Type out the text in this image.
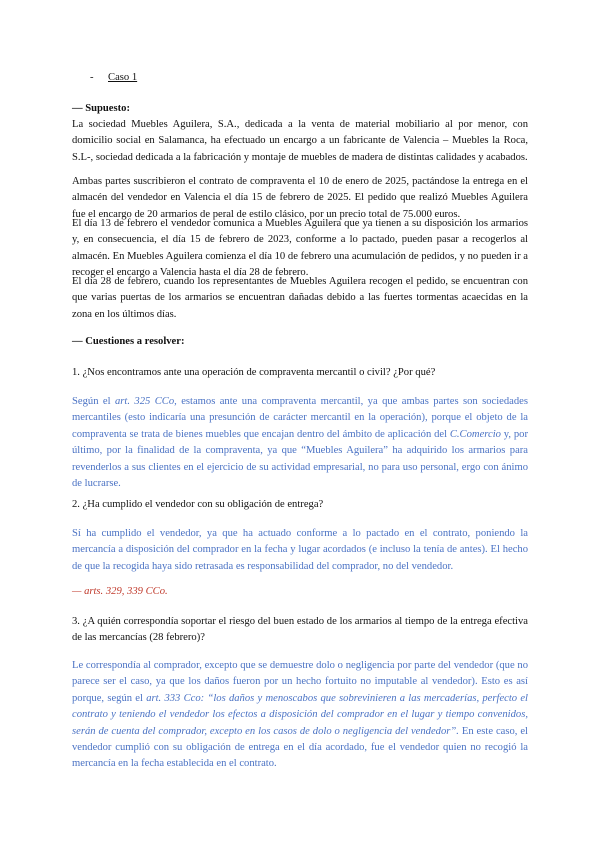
- Caso 1
— Supuesto:

La sociedad Muebles Aguilera, S.A., dedicada a la venta de material mobiliario al por menor, con domicilio social en Salamanca, ha efectuado un encargo a un fabricante de Valencia – Muebles la Roca, S.L-, sociedad dedicada a la fabricación y montaje de muebles de madera de distintas calidades y acabados.

Ambas partes suscribieron el contrato de compraventa el 10 de enero de 2025, pactándose la entrega en el almacén del vendedor en Valencia el día 15 de febrero de 2025. El pedido que realizó Muebles Aguilera fue el encargo de 20 armarios de peral de estilo clásico, por un precio total de 75.000 euros.

El día 13 de febrero el vendedor comunica a Muebles Aguilera que ya tienen a su disposición los armarios y, en consecuencia, el día 15 de febrero de 2023, conforme a lo pactado, pueden pasar a recogerlos al almacén. En Muebles Aguilera comienza el día 10 de febrero una acumulación de pedidos, y no pueden ir a recoger el encargo a Valencia hasta el día 28 de febrero.

El día 28 de febrero, cuando los representantes de Muebles Aguilera recogen el pedido, se encuentran con que varias puertas de los armarios se encuentran dañadas debido a las fuertes tormentas acaecidas en la zona en los últimos días.

— Cuestiones a resolver:
1. ¿Nos encontramos ante una operación de compraventa mercantil o civil? ¿Por qué?

Según el art. 325 CCo, estamos ante una compraventa mercantil, ya que ambas partes son sociedades mercantiles (esto indicaría una presunción de carácter mercantil en la operación), porque el objeto de la compraventa se trata de bienes muebles que encajan dentro del ámbito de aplicación del C.Comercio y, por último, por la finalidad de la compraventa, ya que “Muebles Aguilera” ha adquirido los armarios para revenderlos a sus clientes en el ejercicio de su actividad empresarial, no para uso personal, ergo con ánimo de lucrarse.

2. ¿Ha cumplido el vendedor con su obligación de entrega?

Sí ha cumplido el vendedor, ya que ha actuado conforme a lo pactado en el contrato, poniendo la mercancía a disposición del comprador en la fecha y lugar acordados (e incluso la tenía de antes). El hecho de que la recogida haya sido retrasada es responsabilidad del comprador, no del vendedor.

— arts. 329, 339 CCo.
3. ¿A quién correspondía soportar el riesgo del buen estado de los armarios al tiempo de la entrega efectiva de las mercancías (28 febrero)?

Le correspondía al comprador, excepto que se demuestre dolo o negligencia por parte del vendedor (que no parece ser el caso, ya que los daños fueron por un hecho fortuito no imputable al vendedor). Esto es así porque, según el art. 333 Cco: “los daños y menoscabos que sobrevinieren a las mercaderías, perfecto el contrato y teniendo el vendedor los efectos a disposición del comprador en el lugar y tiempo convenidos, serán de cuenta del comprador, excepto en los casos de dolo o negligencia del vendedor”. En este caso, el vendedor cumplió con su obligación de entrega en el día acordado, fue el vendedor quien no recogió la mercancía en la fecha establecida en el contrato.
